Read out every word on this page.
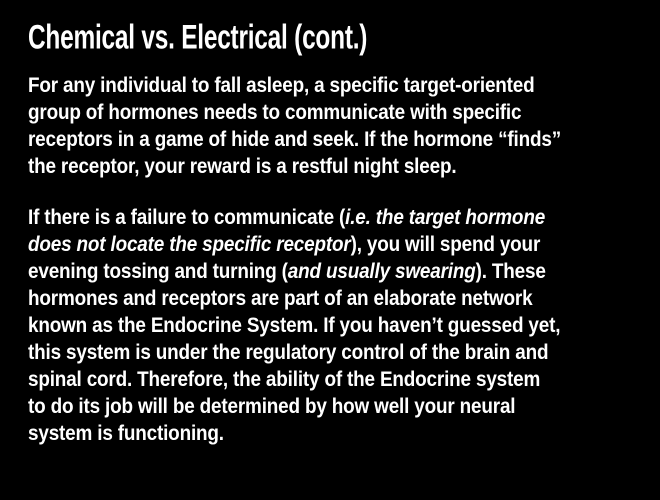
Chemical vs. Electrical (cont.)

For any individual to fall asleep, a specific target-oriented
group of hormones needs to communicate with specific
receptors in a game of hide and seek. If the hormone “finds”
the receptor, your reward is a restful night sleep.

If there is a failure to communicate (i.e. the target hormone
does not locate the specific receptor), you will spend your
evening tossing and turning (and usually swearing). These
hormones and receptors are part of an elaborate network
known as the Endocrine System. If you haven’t guessed yet,
this system is under the regulatory control of the brain and
spinal cord. Therefore, the ability of the Endocrine system
to do its job will be determined by how well your neural
system is functioning.
